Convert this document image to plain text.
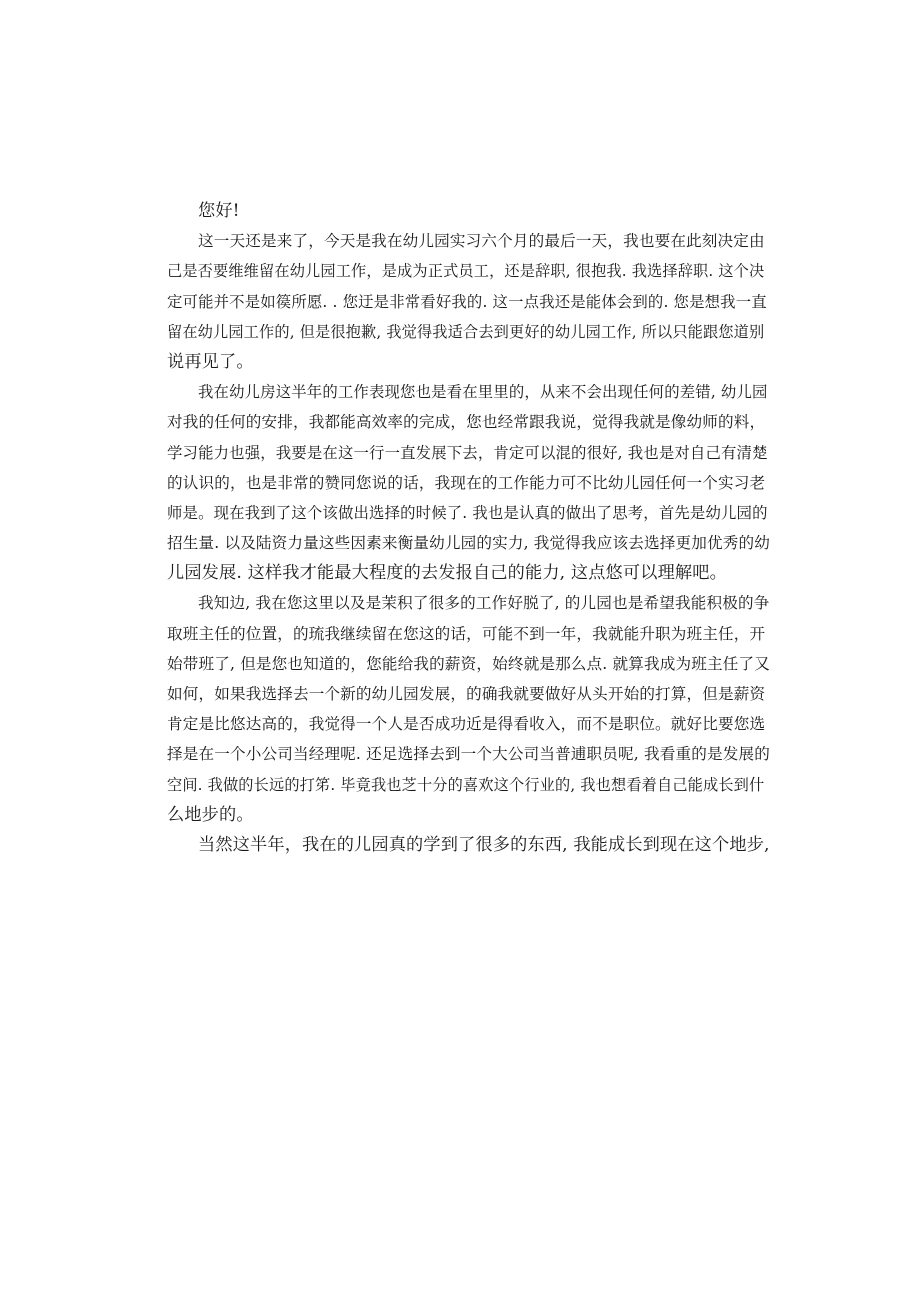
您好!
这一天还是来了，今天是我在幼儿园实习六个月的最后一天，我也要在此刻决定由
己是否要维维留在幼儿园工作，是成为正式员工，还是辞职, 很抱我. 我选择辞职. 这个决
定可能并不是如篌所愿. . 您迂是非常看好我的. 这一点我还是能体会到的. 您是想我一直
留在幼儿园工作的, 但是很抱歉, 我觉得我适合去到更好的幼儿园工作, 所以只能跟您道别
说再见了。
我在幼儿房这半年的工作表现您也是看在里里的，从来不会出现任何的差错, 幼儿园
对我的任何的安排，我都能高效率的完成，您也经常跟我说，觉得我就是像幼师的料，
学习能力也强，我要是在这一行一直发展下去，肯定可以混的很好, 我也是对自己有清楚
的认识的，也是非常的赞同您说的话，我现在的工作能力可不比幼儿园任何一个实习老
师是。现在我到了这个该做出选择的时候了. 我也是认真的做出了思考，首先是幼儿园的
招生量. 以及陆资力量这些因素来衡量幼儿园的实力, 我觉得我应该去选择更加优秀的幼
儿园发展. 这样我才能最大程度的去发报自己的能力, 这点悠可以理解吧。
我知边, 我在您这里以及是茉积了很多的工作好脱了, 的儿园也是希望我能积极的争
取班主任的位置，的琉我继续留在您这的话，可能不到一年，我就能升职为班主任，开
始带班了, 但是您也知道的，您能给我的薪资，始终就是那么点. 就算我成为班主任了又
如何，如果我选择去一个新的幼儿园发展，的确我就要做好从头开始的打算，但是薪资
肯定是比悠达高的，我觉得一个人是否成功近是得看收入，而不是职位。就好比要您选
择是在一个小公司当经理呢. 还足选择去到一个大公司当普逋职员呢, 我看重的是发展的
空间. 我做的长远的打笫. 毕竟我也芝十分的喜欢这个行业的, 我也想看着自己能成长到什
么地步的。
当然这半年，我在的儿园真的学到了很多的东西, 我能成长到现在这个地步,
